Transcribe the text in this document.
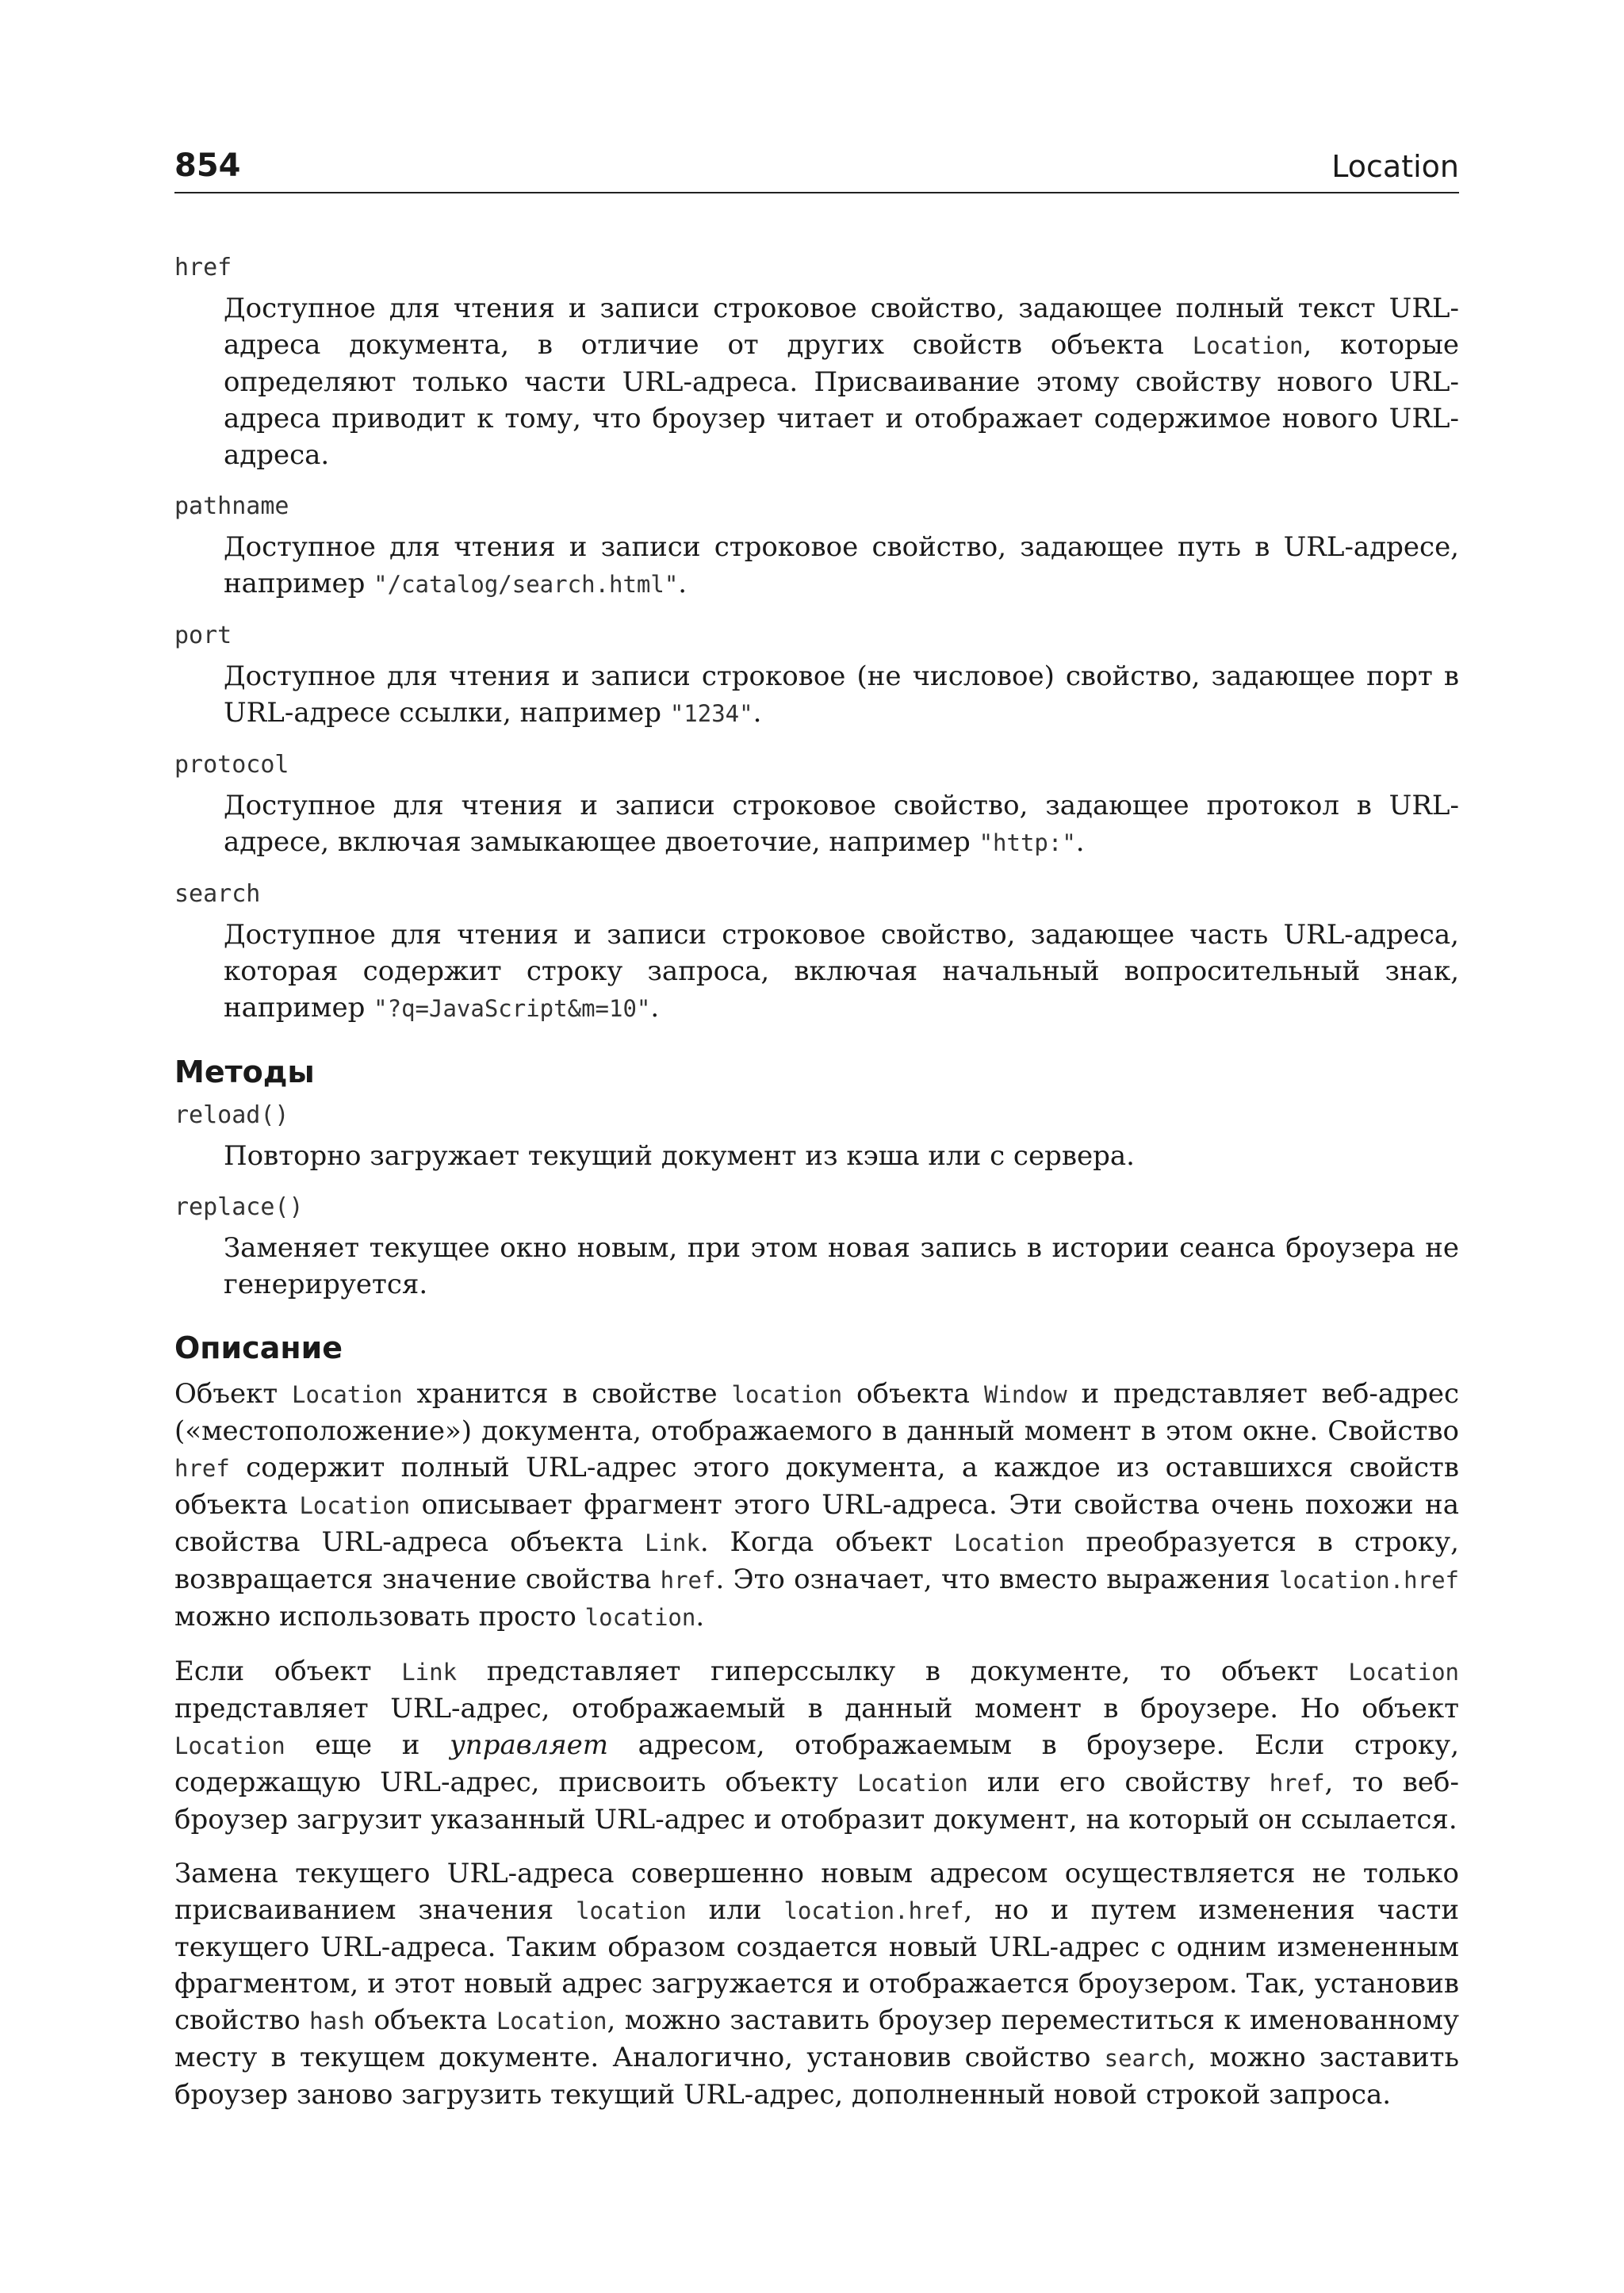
854	Location
href
Доступное для чтения и записи строковое свойство, задающее полный текст URL-адреса документа, в отличие от других свойств объекта Location, которые определяют только части URL-адреса. Присваивание этому свойству нового URL-адреса приводит к тому, что броузер читает и отображает содержимое нового URL-адреса.
pathname
Доступное для чтения и записи строковое свойство, задающее путь в URL-адресе, например "/catalog/search.html".
port
Доступное для чтения и записи строковое (не числовое) свойство, задающее порт в URL-адресе ссылки, например "1234".
protocol
Доступное для чтения и записи строковое свойство, задающее протокол в URL-адресе, включая замыкающее двоеточие, например "http:".
search
Доступное для чтения и записи строковое свойство, задающее часть URL-адреса, которая содержит строку запроса, включая начальный вопросительный знак, например "?q=JavaScript&m=10".
Методы
reload()
Повторно загружает текущий документ из кэша или с сервера.
replace()
Заменяет текущее окно новым, при этом новая запись в истории сеанса броузера не генерируется.
Описание
Объект Location хранится в свойстве location объекта Window и представляет веб-адрес («местоположение») документа, отображаемого в данный момент в этом окне. Свойство href содержит полный URL-адрес этого документа, а каждое из оставшихся свойств объекта Location описывает фрагмент этого URL-адреса. Эти свойства очень похожи на свойства URL-адреса объекта Link. Когда объект Location преобразуется в строку, возвращается значение свойства href. Это означает, что вместо выражения location.href можно использовать просто location.
Если объект Link представляет гиперссылку в документе, то объект Location представляет URL-адрес, отображаемый в данный момент в броузере. Но объект Location еще и управляет адресом, отображаемым в броузере. Если строку, содержащую URL-адрес, присвоить объекту Location или его свойству href, то веб-броузер загрузит указанный URL-адрес и отобразит документ, на который он ссылается.
Замена текущего URL-адреса совершенно новым адресом осуществляется не только присваиванием значения location или location.href, но и путем изменения части текущего URL-адреса. Таким образом создается новый URL-адрес с одним измененным фрагментом, и этот новый адрес загружается и отображается броузером. Так, установив свойство hash объекта Location, можно заставить броузер переместиться к именованному месту в текущем документе. Аналогично, установив свойство search, можно заставить броузер заново загрузить текущий URL-адрес, дополненный новой строкой запроса.
